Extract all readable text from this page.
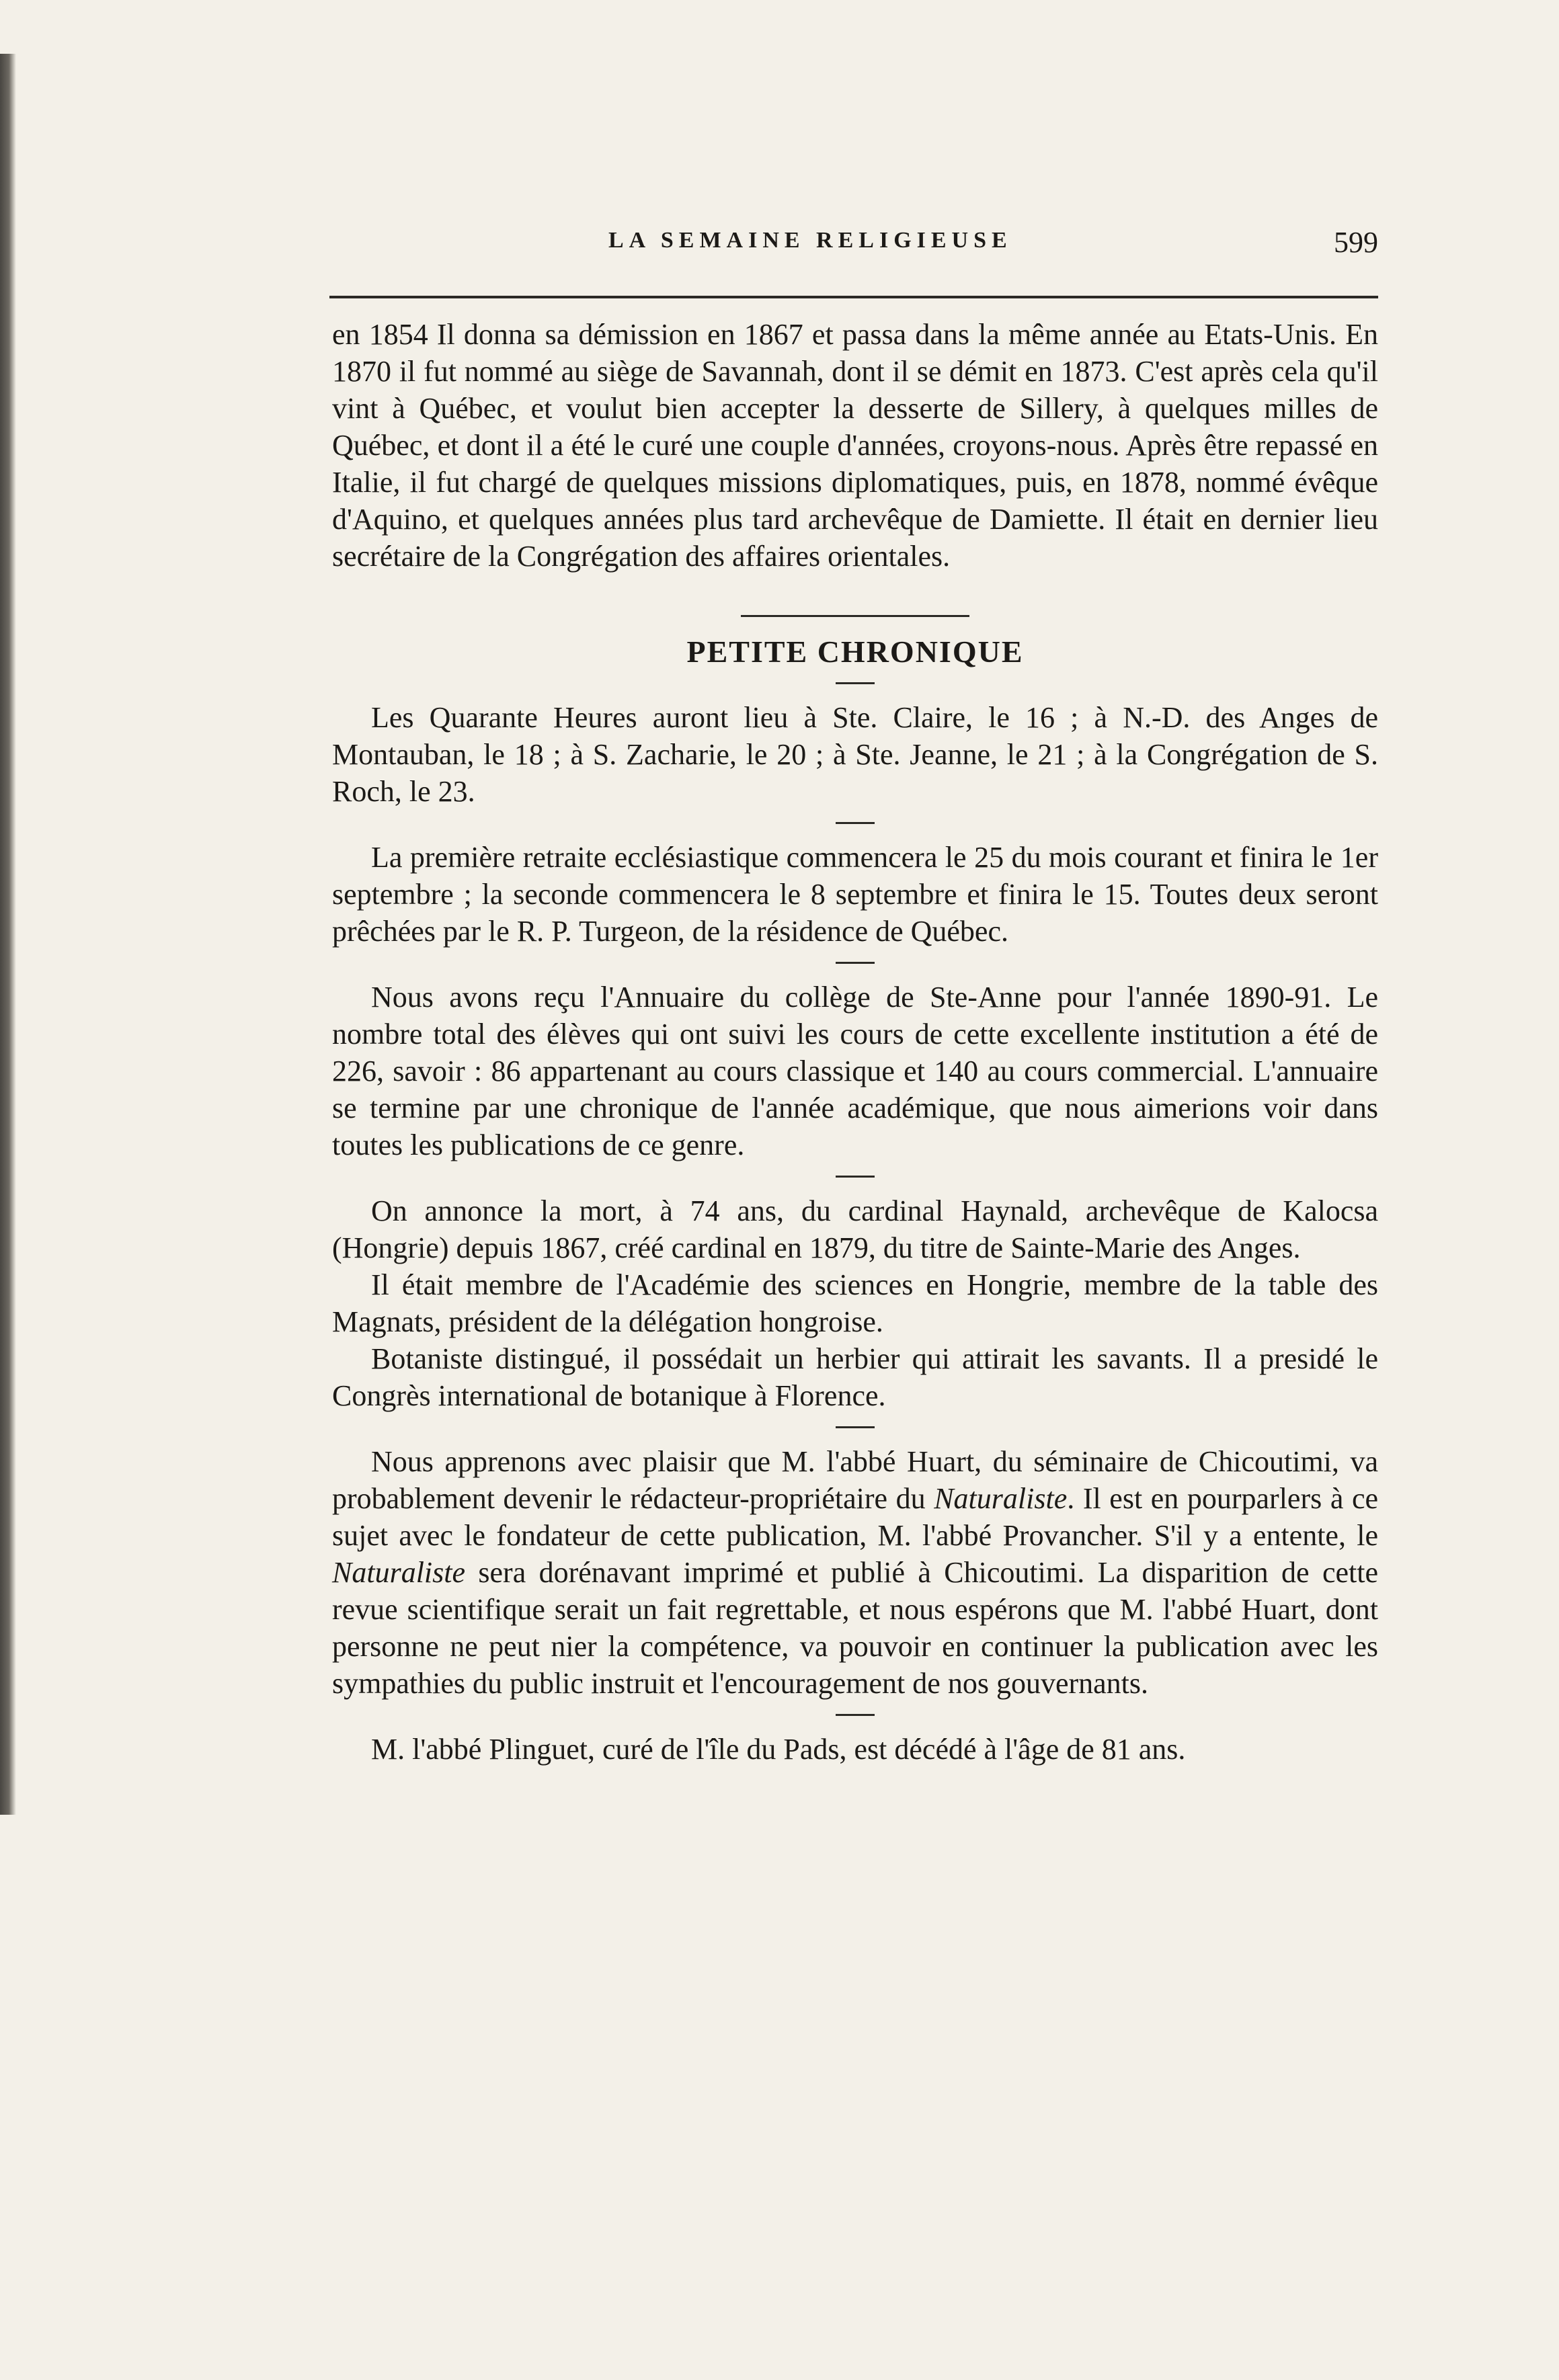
LA SEMAINE RELIGIEUSE	599

en 1854 Il donna sa démission en 1867 et passa dans la même année au Etats-Unis. En 1870 il fut nommé au siège de Savannah, dont il se démit en 1873. C'est après cela qu'il vint à Québec, et voulut bien accepter la desserte de Sillery, à quelques milles de Québec, et dont il a été le curé une couple d'années, croyons-nous. Après être repassé en Italie, il fut chargé de quelques missions diplomatiques, puis, en 1878, nommé évêque d'Aquino, et quelques années plus tard archevêque de Damiette. Il était en dernier lieu secrétaire de la Congrégation des affaires orientales.

PETITE CHRONIQUE

Les Quarante Heures auront lieu à Ste. Claire, le 16 ; à N.-D. des Anges de Montauban, le 18 ; à S. Zacharie, le 20 ; à Ste. Jeanne, le 21 ; à la Congrégation de S. Roch, le 23.

La première retraite ecclésiastique commencera le 25 du mois courant et finira le 1er septembre ; la seconde commencera le 8 septembre et finira le 15. Toutes deux seront prêchées par le R. P. Turgeon, de la résidence de Québec.

Nous avons reçu l'Annuaire du collège de Ste-Anne pour l'année 1890-91. Le nombre total des élèves qui ont suivi les cours de cette excellente institution a été de 226, savoir : 86 appartenant au cours classique et 140 au cours commercial. L'annuaire se termine par une chronique de l'année académique, que nous aimerions voir dans toutes les publications de ce genre.

On annonce la mort, à 74 ans, du cardinal Haynald, archevêque de Kalocsa (Hongrie) depuis 1867, créé cardinal en 1879, du titre de Sainte-Marie des Anges.

Il était membre de l'Académie des sciences en Hongrie, membre de la table des Magnats, président de la délégation hongroise.

Botaniste distingué, il possédait un herbier qui attirait les savants. Il a presidé le Congrès international de botanique à Florence.

Nous apprenons avec plaisir que M. l'abbé Huart, du séminaire de Chicoutimi, va probablement devenir le rédacteur-propriétaire du Naturaliste. Il est en pourparlers à ce sujet avec le fondateur de cette publication, M. l'abbé Provancher. S'il y a entente, le Naturaliste sera dorénavant imprimé et publié à Chicoutimi. La disparition de cette revue scientifique serait un fait regrettable, et nous espérons que M. l'abbé Huart, dont personne ne peut nier la compétence, va pouvoir en continuer la publication avec les sympathies du public instruit et l'encouragement de nos gouvernants.

M. l'abbé Plinguet, curé de l'île du Pads, est décédé à l'âge de 81 ans.
